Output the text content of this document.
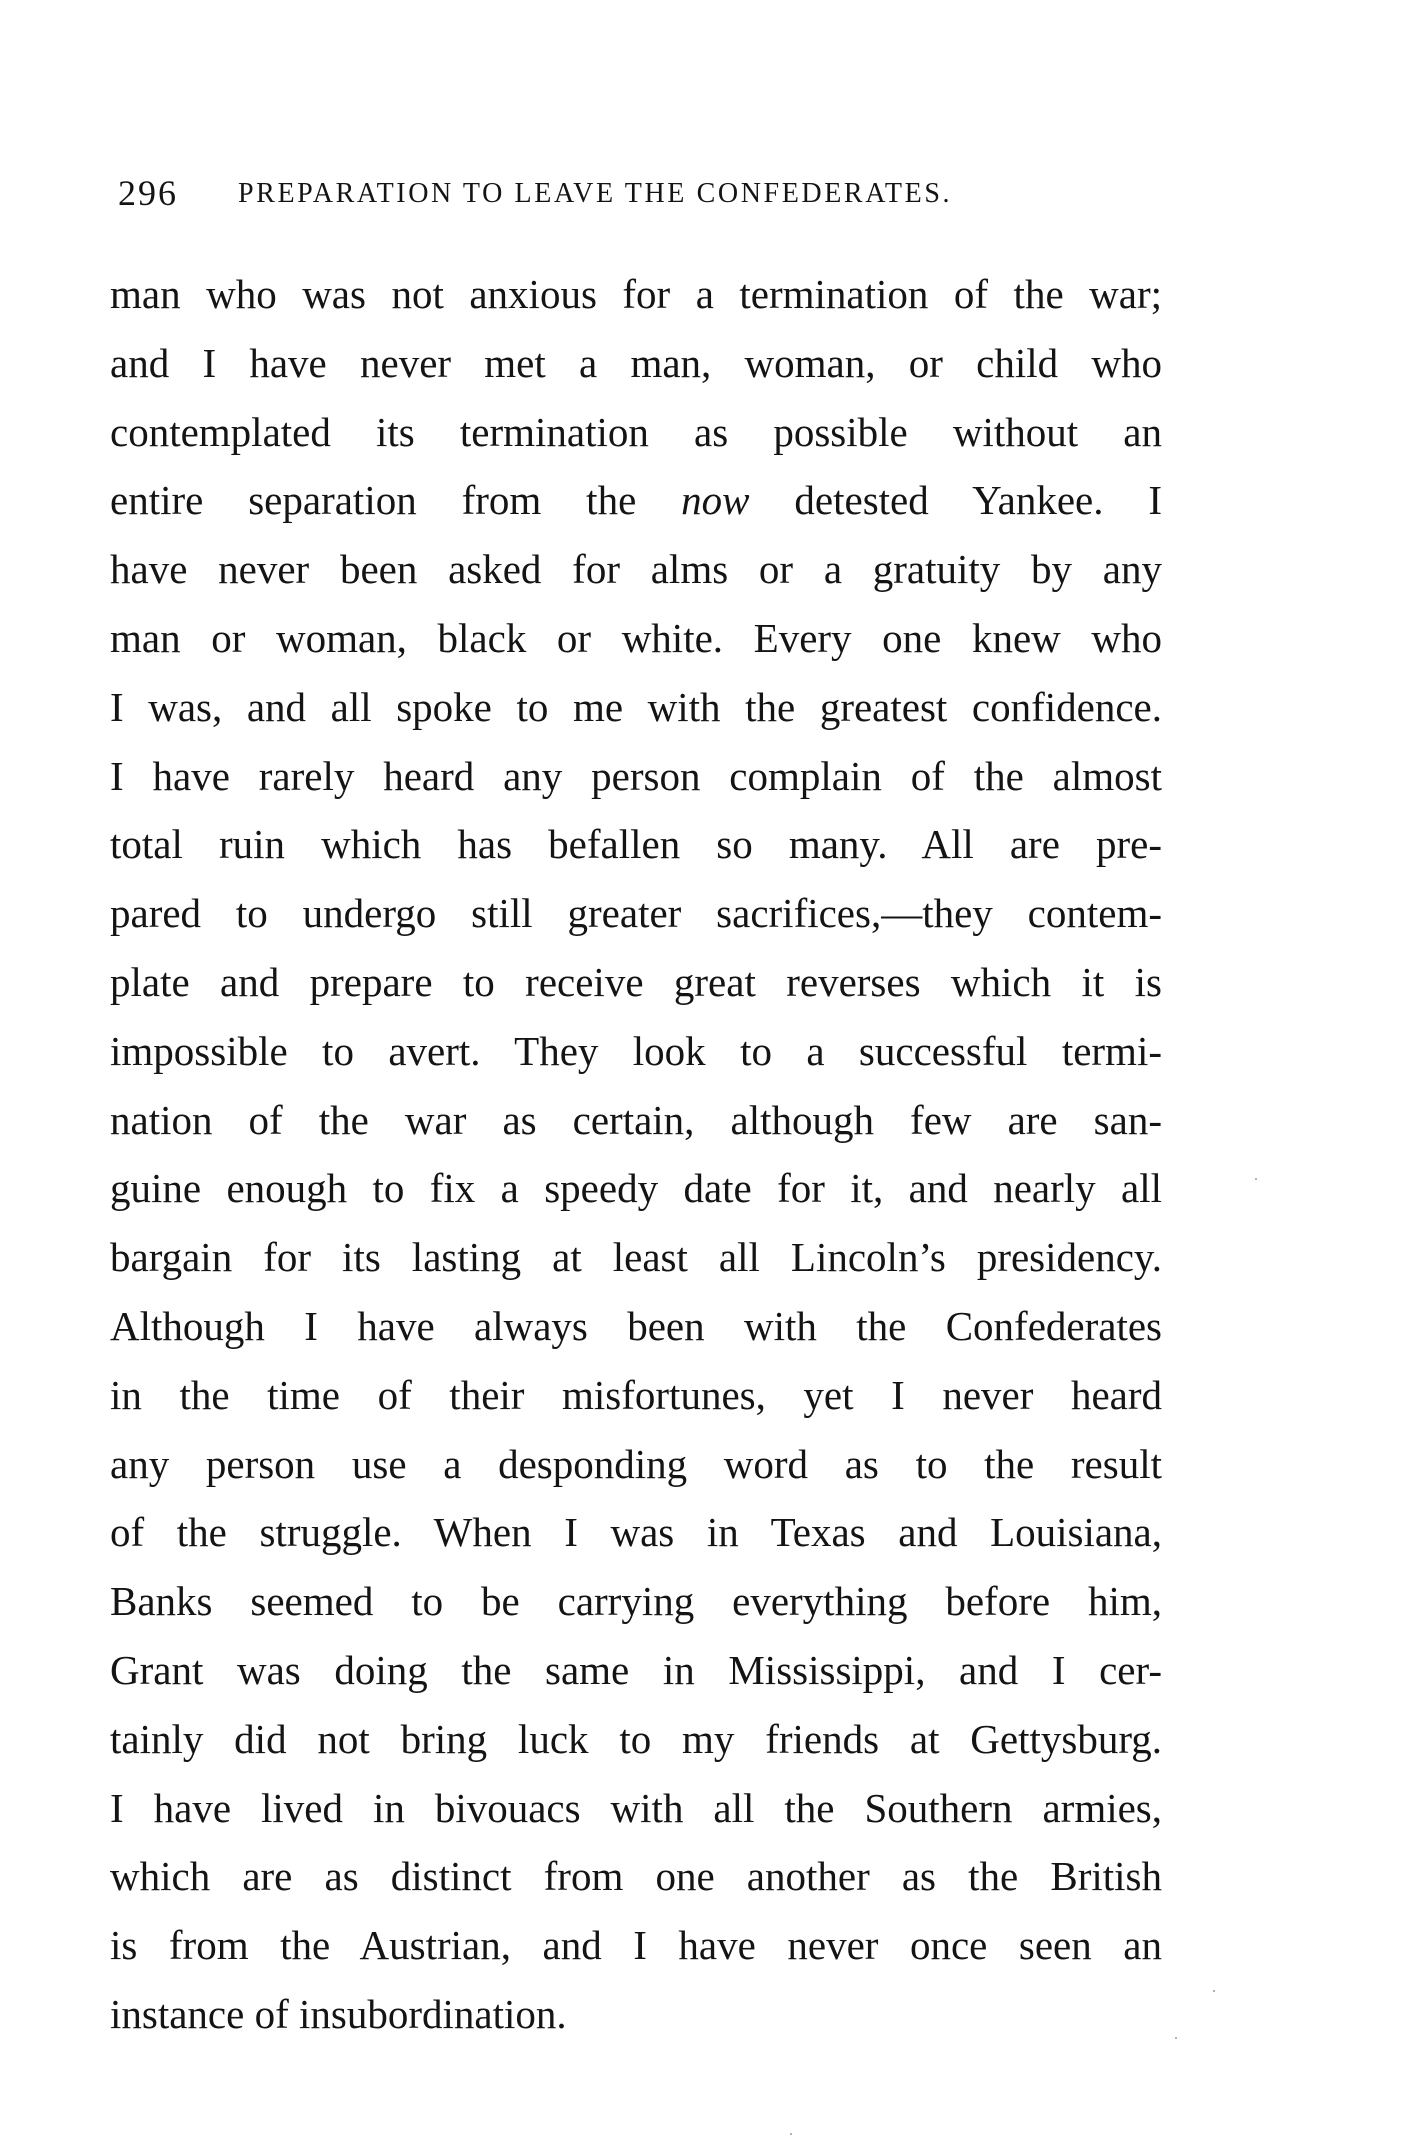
296 PREPARATION TO LEAVE THE CONFEDERATES.
man who was not anxious for a termination of the war;
and I have never met a man, woman, or child who
contemplated its termination as possible without an
entire separation from the now detested Yankee. I
have never been asked for alms or a gratuity by any
man or woman, black or white. Every one knew who
I was, and all spoke to me with the greatest confidence.
I have rarely heard any person complain of the almost
total ruin which has befallen so many. All are pre-
pared to undergo still greater sacrifices,—they contem-
plate and prepare to receive great reverses which it is
impossible to avert. They look to a successful termi-
nation of the war as certain, although few are san-
guine enough to fix a speedy date for it, and nearly all
bargain for its lasting at least all Lincoln’s presidency.
Although I have always been with the Confederates
in the time of their misfortunes, yet I never heard
any person use a desponding word as to the result
of the struggle. When I was in Texas and Louisiana,
Banks seemed to be carrying everything before him,
Grant was doing the same in Mississippi, and I cer-
tainly did not bring luck to my friends at Gettysburg.
I have lived in bivouacs with all the Southern armies,
which are as distinct from one another as the British
is from the Austrian, and I have never once seen an
instance of insubordination.
